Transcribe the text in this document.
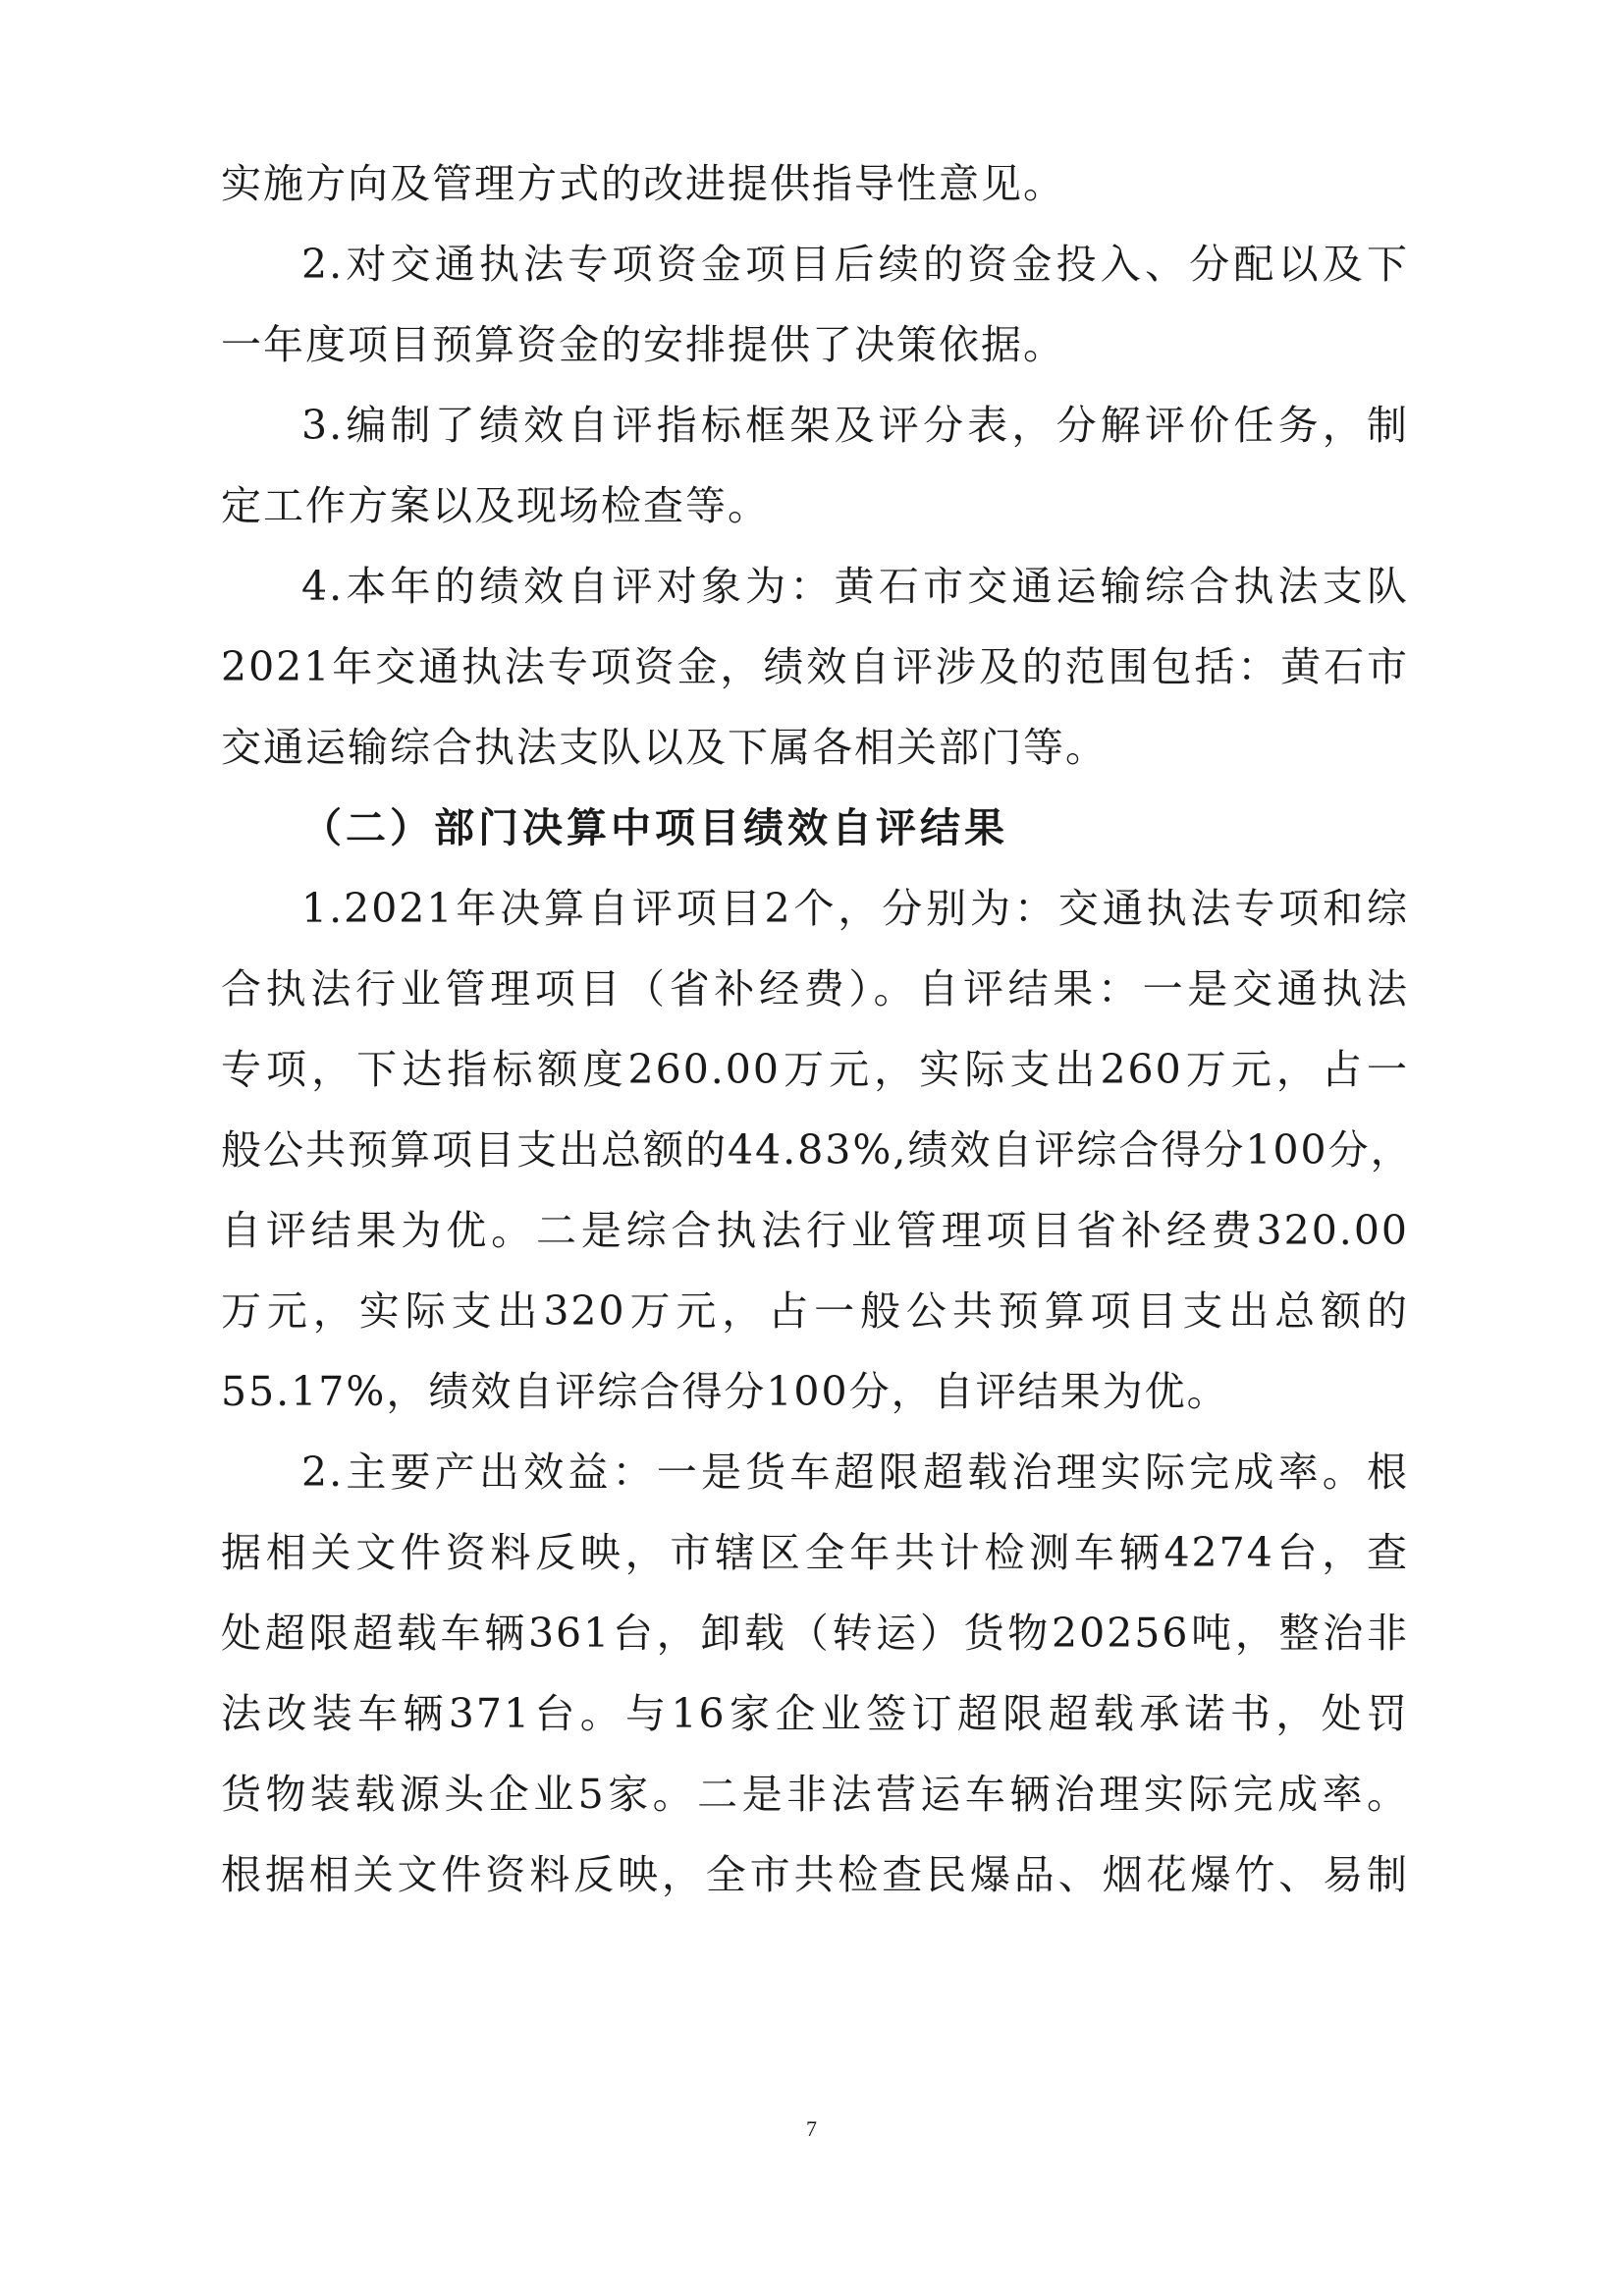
实施方向及管理方式的改进提供指导性意见。
2.对交通执法专项资金项目后续的资金投入、分配以及下
一年度项目预算资金的安排提供了决策依据。
3.编制了绩效自评指标框架及评分表，分解评价任务，制
定工作方案以及现场检查等。
4.本年的绩效自评对象为：黄石市交通运输综合执法支队
2021年交通执法专项资金，绩效自评涉及的范围包括：黄石市
交通运输综合执法支队以及下属各相关部门等。
（二）部门决算中项目绩效自评结果
1.2021年决算自评项目2个，分别为：交通执法专项和综
合执法行业管理项目（省补经费）。自评结果：一是交通执法
专项，下达指标额度260.00万元，实际支出260万元，占一
般公共预算项目支出总额的44.83%,绩效自评综合得分100分，
自评结果为优。二是综合执法行业管理项目省补经费320.00
万元，实际支出320万元，占一般公共预算项目支出总额的
55.17%，绩效自评综合得分100分，自评结果为优。
2.主要产出效益：一是货车超限超载治理实际完成率。根
据相关文件资料反映，市辖区全年共计检测车辆4274台，查
处超限超载车辆361台，卸载（转运）货物20256吨，整治非
法改装车辆371台。与16家企业签订超限超载承诺书，处罚
货物装载源头企业5家。二是非法营运车辆治理实际完成率。
根据相关文件资料反映，全市共检查民爆品、烟花爆竹、易制
7
